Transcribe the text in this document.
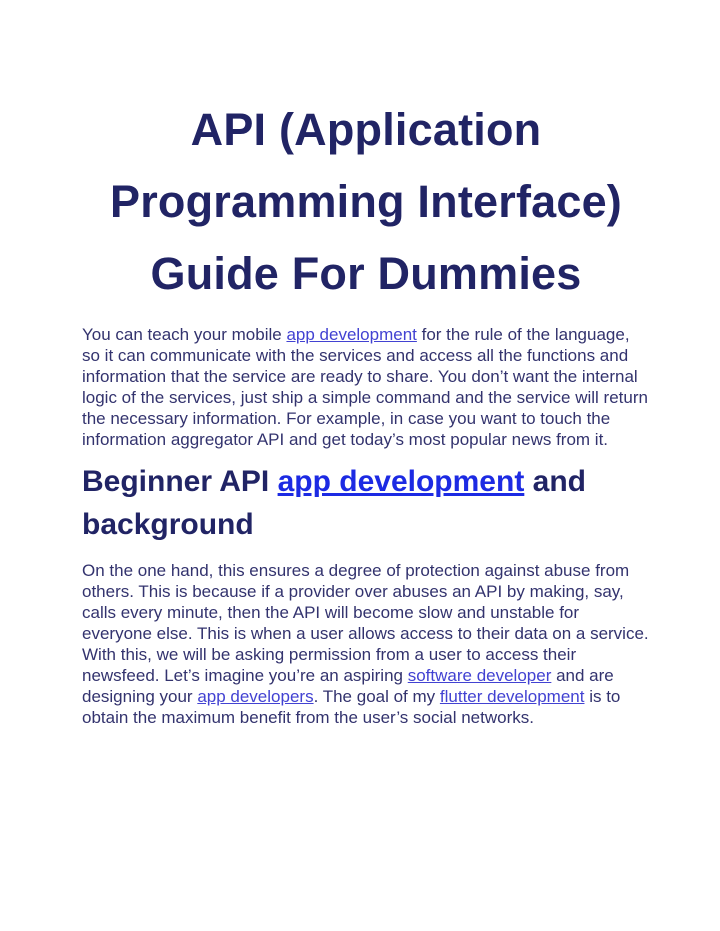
API (Application
Programming Interface)
Guide For Dummies

You can teach your mobile app development for the rule of the language, so it can communicate with the services and access all the functions and information that the service are ready to share. You don’t want the internal logic of the services, just ship a simple command and the service will return the necessary information. For example, in case you want to touch the information aggregator API and get today’s most popular news from it.

Beginner API app development and background

On the one hand, this ensures a degree of protection against abuse from others. This is because if a provider over abuses an API by making, say, calls every minute, then the API will become slow and unstable for everyone else. This is when a user allows access to their data on a service. With this, we will be asking permission from a user to access their newsfeed. Let’s imagine you’re an aspiring software developer and are designing your app developers. The goal of my flutter development is to obtain the maximum benefit from the user’s social networks.
